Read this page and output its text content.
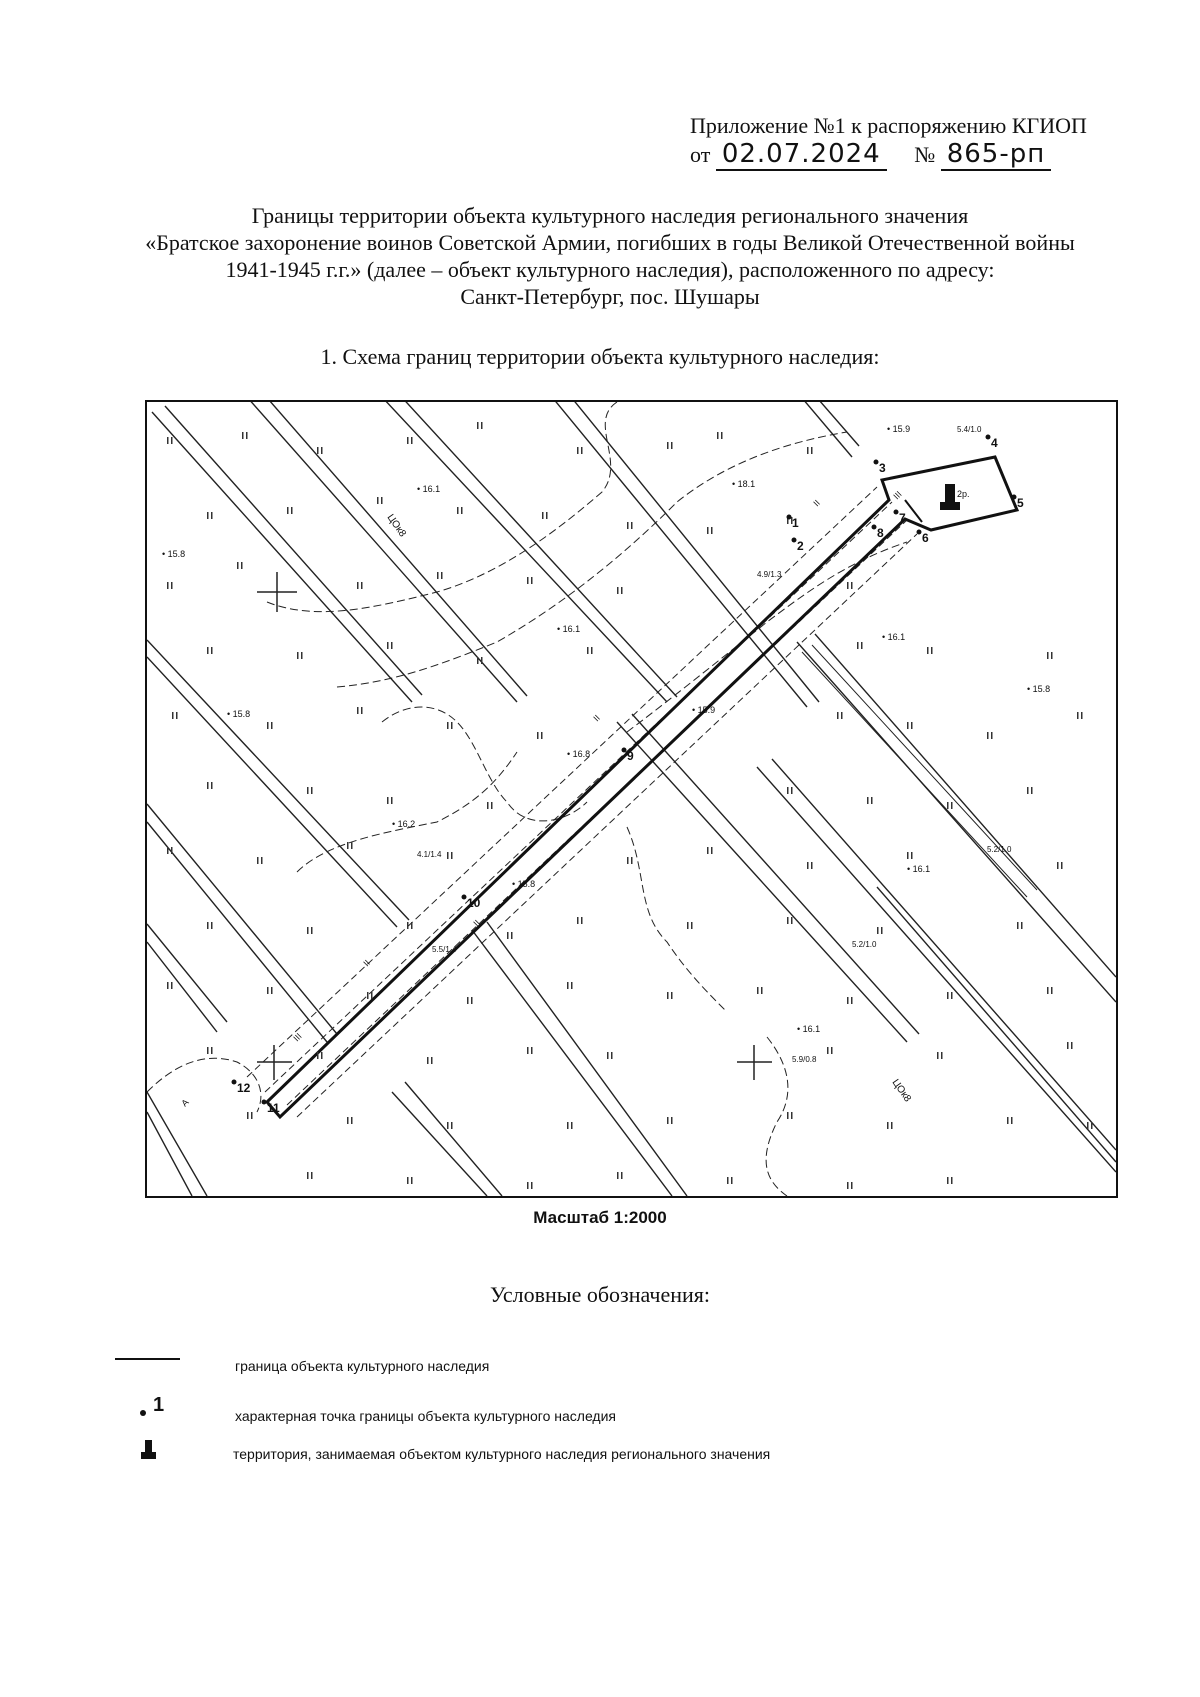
Приложение №1 к распоряжению КГИОП
от 02.07.2024 № 865-рп
Границы территории объекта культурного наследия регионального значения
«Братское захоронение воинов Советской Армии, погибших в годы Великой Отечественной войны
1941-1945 г.г.» (далее – объект культурного наследия), расположенного по адресу:
Санкт-Петербург, пос. Шушары
1. Схема границ территории объекта культурного наследия:
1
2
3
4
5
6
7
8
9
10
11
12
• 15.8
• 16.1	• 18.1
• 16.1
• 16.1
• 15.8
• 16.2
• 15.8
• 16.1
• 15.8
• 15.9
• 16.8
• 16.1
• 15.9
ЦОк8
ЦОк8
2р.
4.1/1.4
5.4/1.0
5.2/1.0
5.2/1.0
5.9/0.8
4.9/1.3
5.5/1.4
II
II
II
II
III
III
A
Масштаб 1:2000
Условные обозначения:
граница объекта культурного наследия
1	характерная точка границы объекта культурного наследия
территория, занимаемая объектом культурного наследия регионального значения
